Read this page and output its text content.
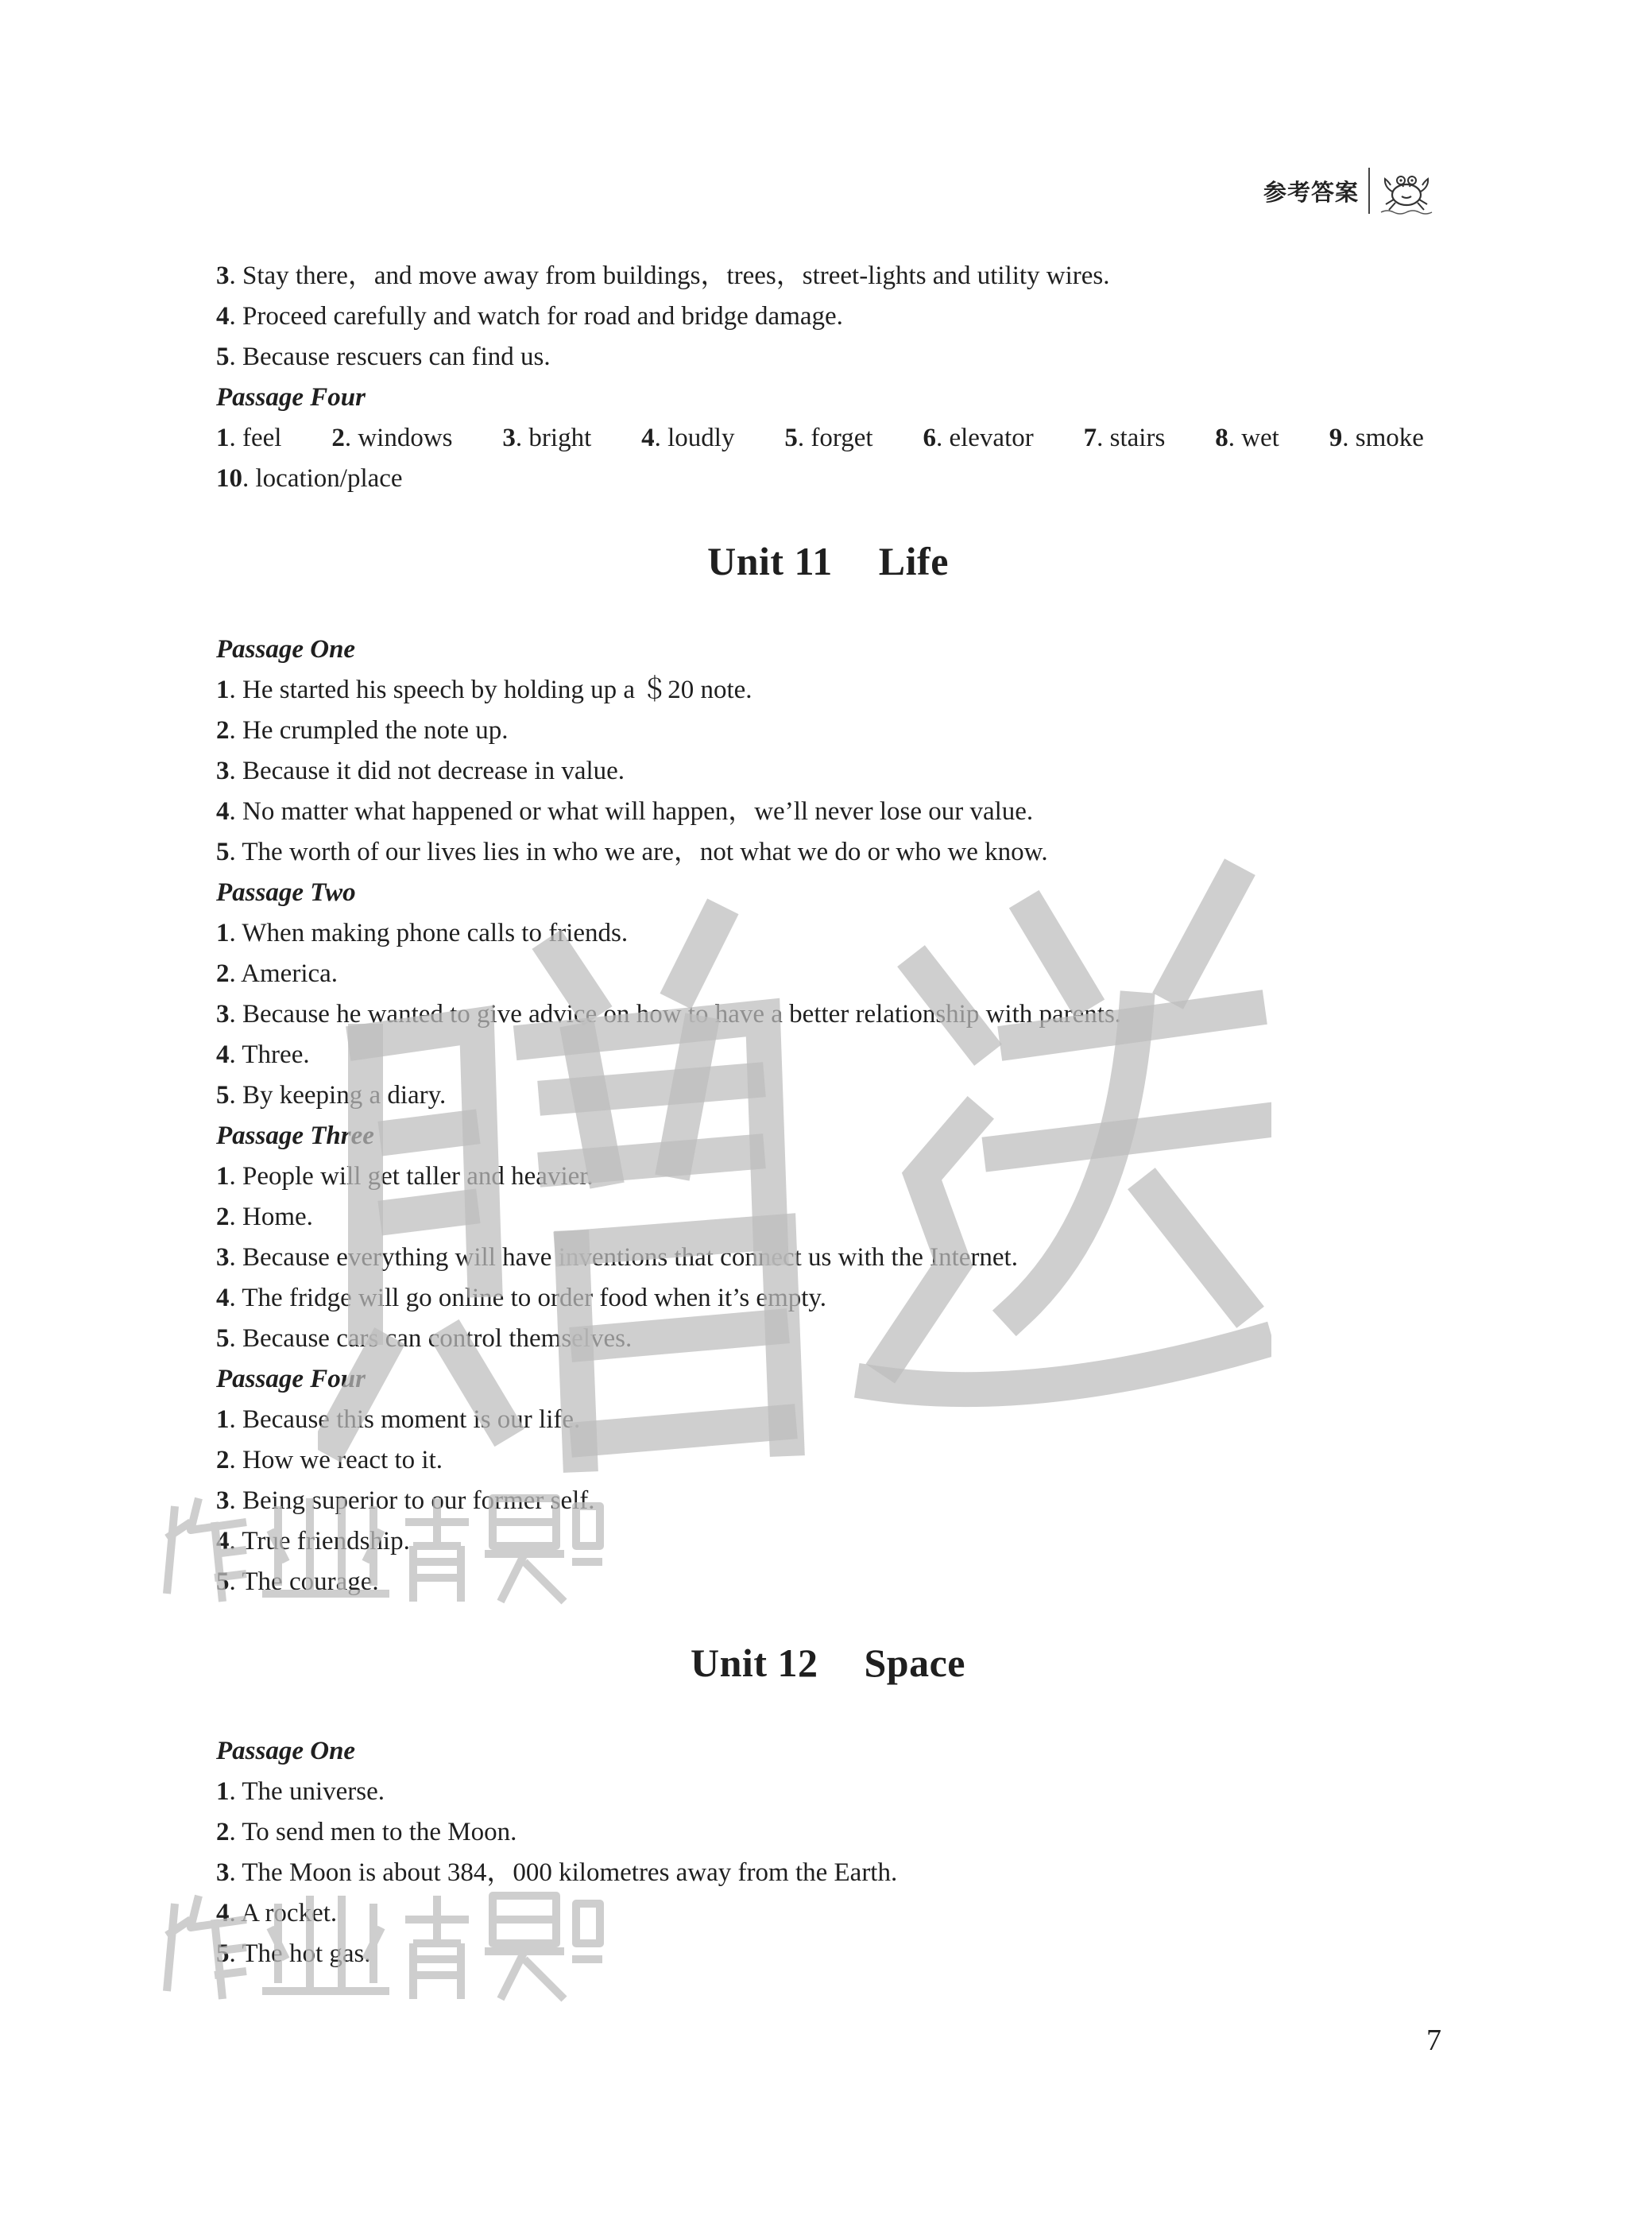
参考答案
3. Stay there，and move away from buildings，trees，street-lights and utility wires.
4. Proceed carefully and watch for road and bridge damage.
5. Because rescuers can find us.
Passage Four
1. feel 2. windows 3. bright 4. loudly 5. forget 6. elevator 7. stairs 8. wet 9. smoke
10. location/place
Unit 11 Life
Passage One
1. He started his speech by holding up a ＄20 note.
2. He crumpled the note up.
3. Because it did not decrease in value.
4. No matter what happened or what will happen，we’ll never lose our value.
5. The worth of our lives lies in who we are，not what we do or who we know.
Passage Two
1. When making phone calls to friends.
2. America.
3. Because he wanted to give advice on how to have a better relationship with parents.
4. Three.
5. By keeping a diary.
Passage Three
1. People will get taller and heavier.
2. Home.
3. Because everything will have inventions that connect us with the Internet.
4. The fridge will go online to order food when it’s empty.
5. Because cars can control themselves.
Passage Four
1. Because this moment is our life.
2. How we react to it.
3. Being superior to our former self.
4. True friendship.
5. The courage.
Unit 12 Space
Passage One
1. The universe.
2. To send men to the Moon.
3. The Moon is about 384，000 kilometres away from the Earth.
4. A rocket.
5. The hot gas.
7
